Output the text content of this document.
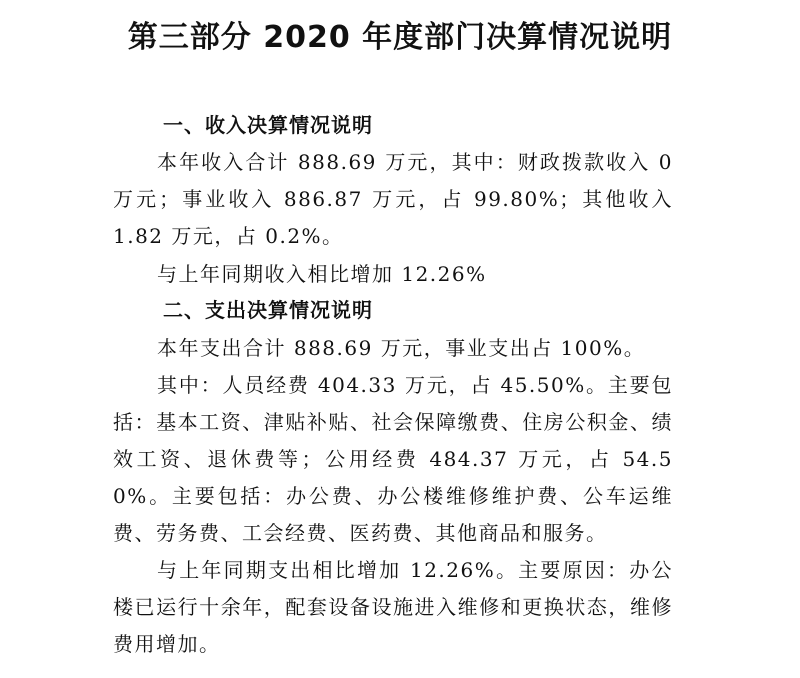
第三部分 2020 年度部门决算情况说明
一、收入决算情况说明
本年收入合计 888.69 万元，其中：财政拨款收入 0 万元；事业收入 886.87 万元，占 99.80%；其他收入 1.82 万元，占 0.2%。
与上年同期收入相比增加 12.26%
二、支出决算情况说明
本年支出合计 888.69 万元，事业支出占 100%。
其中：人员经费 404.33 万元，占 45.50%。主要包括：基本工资、津贴补贴、社会保障缴费、住房公积金、绩效工资、退休费等；公用经费 484.37 万元，占 54.50%。主要包括：办公费、办公楼维修维护费、公车运维费、劳务费、工会经费、医药费、其他商品和服务。
与上年同期支出相比增加 12.26%。主要原因：办公楼已运行十余年，配套设备设施进入维修和更换状态，维修费用增加。
